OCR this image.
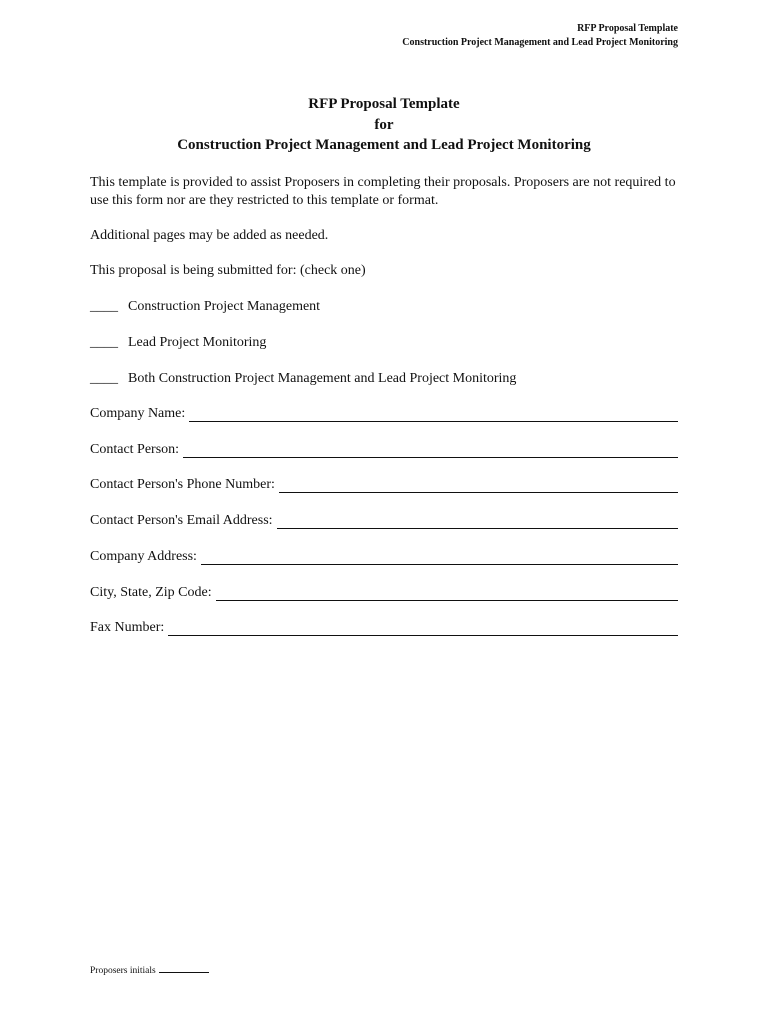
RFP Proposal Template
Construction Project Management and Lead Project Monitoring
RFP Proposal Template
for
Construction Project Management and Lead Project Monitoring
This template is provided to assist Proposers in completing their proposals. Proposers are not required to use this form nor are they restricted to this template or format.
Additional pages may be added as needed.
This proposal is being submitted for: (check one)
____ Construction Project Management
____ Lead Project Monitoring
____ Both Construction Project Management and Lead Project Monitoring
Company Name:
Contact Person:
Contact Person's Phone Number:
Contact Person's Email Address:
Company Address:
City, State, Zip Code:
Fax Number:
Proposers initials
